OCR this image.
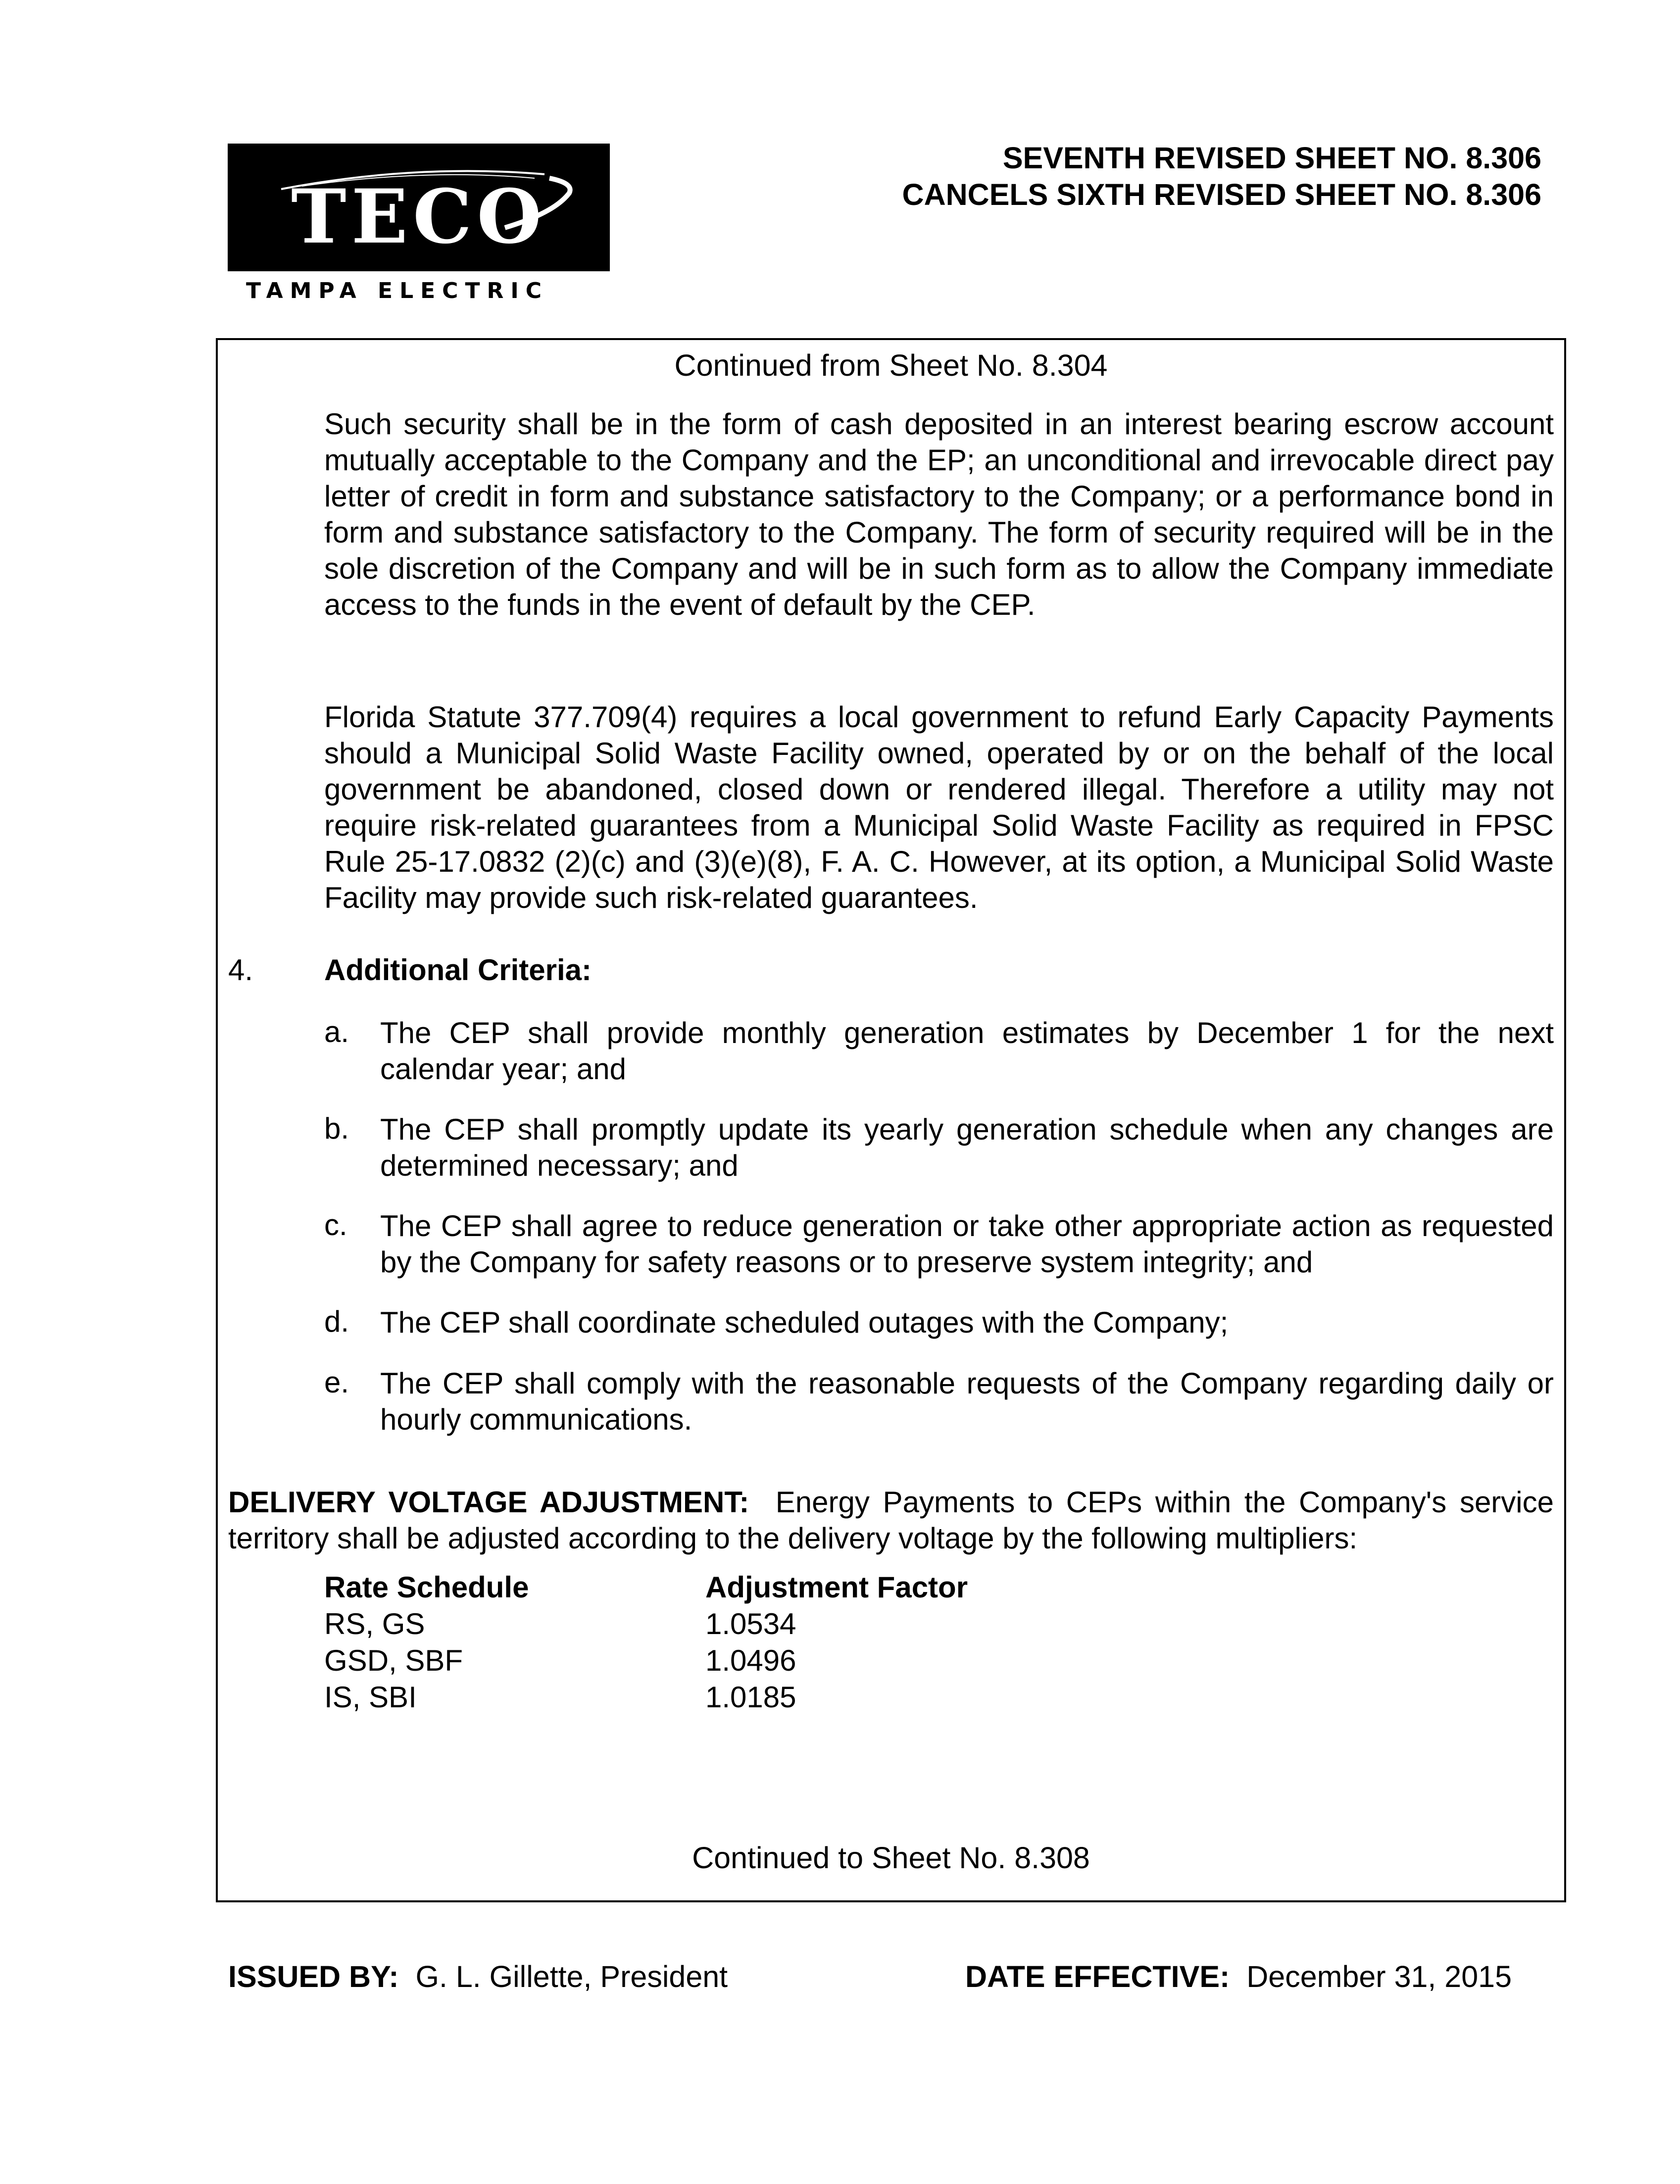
TECO
TAMPA ELECTRIC
SEVENTH REVISED SHEET NO. 8.306
CANCELS SIXTH REVISED SHEET NO. 8.306
Continued from Sheet No. 8.304
Such security shall be in the form of cash deposited in an interest bearing escrow account mutually acceptable to the Company and the EP; an unconditional and irrevocable direct pay letter of credit in form and substance satisfactory to the Company; or a performance bond in form and substance satisfactory to the Company. The form of security required will be in the sole discretion of the Company and will be in such form as to allow the Company immediate access to the funds in the event of default by the CEP.
Florida Statute 377.709(4) requires a local government to refund Early Capacity Payments should a Municipal Solid Waste Facility owned, operated by or on the behalf of the local government be abandoned, closed down or rendered illegal. Therefore a utility may not require risk-related guarantees from a Municipal Solid Waste Facility as required in FPSC Rule 25-17.0832 (2)(c) and (3)(e)(8), F. A. C. However, at its option, a Municipal Solid Waste Facility may provide such risk-related guarantees.
4. Additional Criteria:
a. The CEP shall provide monthly generation estimates by December 1 for the next calendar year; and
b. The CEP shall promptly update its yearly generation schedule when any changes are determined necessary; and
c. The CEP shall agree to reduce generation or take other appropriate action as requested by the Company for safety reasons or to preserve system integrity; and
d. The CEP shall coordinate scheduled outages with the Company;
e. The CEP shall comply with the reasonable requests of the Company regarding daily or hourly communications.
DELIVERY VOLTAGE ADJUSTMENT: Energy Payments to CEPs within the Company's service territory shall be adjusted according to the delivery voltage by the following multipliers:
Rate Schedule	Adjustment Factor
RS, GS	1.0534
GSD, SBF	1.0496
IS, SBI	1.0185
Continued to Sheet No. 8.308
ISSUED BY: G. L. Gillette, President	DATE EFFECTIVE: December 31, 2015
